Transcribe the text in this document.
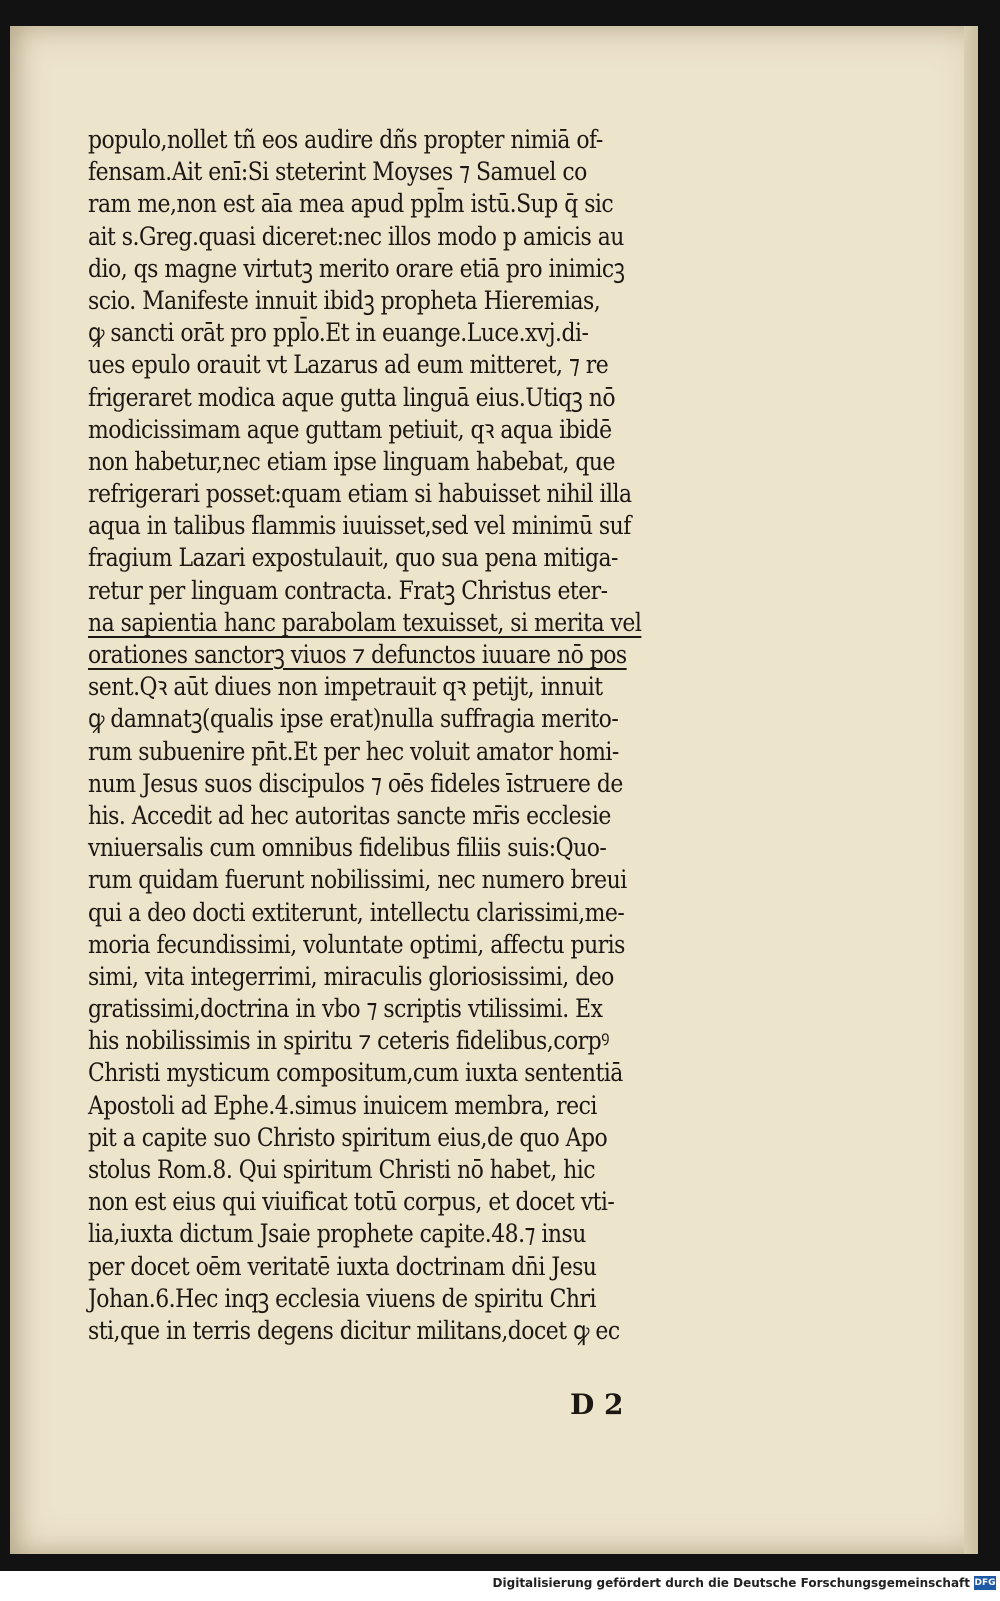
populo,nollet tñ eos audire dñs propter nimiā of-
fensam.Ait enī:Si steterint Moyses ⁊ Samuel co
ram me,non est aīa mea apud ppl̄m istū.Sup q̄ sic
ait s.Greg.quasi diceret:nec illos modo p amicis au
dio, qs magne virtutꝫ merito orare etiā pro inimicꝫ
scio. Manifeste innuit ibidꝫ propheta Hieremias,
ꝙ sancti orāt pro ppl̄o.Et in euange.Luce.xvj.di-
ues epulo orauit vt Lazarus ad eum mitteret, ⁊ re
frigeraret modica aque gutta linguā eius.Utiqꝫ nō
modicissimam aque guttam petiuit, qꝛ aqua ibidē
non habetur,nec etiam ipse linguam habebat, que
refrigerari posset:quam etiam si habuisset nihil illa
aqua in talibus flammis iuuisset,sed vel minimū suf
fragium Lazari expostulauit, quo sua pena mitiga-
retur per linguam contracta. Fratꝫ Christus eter-
na sapientia hanc parabolam texuisset, si merita vel
orationes sanctorꝫ viuos ⁊ defunctos iuuare nō pos
sent.Qꝛ aūt diues non impetrauit qꝛ petijt, innuit
ꝙ damnatꝫ(qualis ipse erat)nulla suffragia merito-
rum subuenire pn̄t.Et per hec voluit amator homi-
num Jesus suos discipulos ⁊ oēs fideles īstruere de
his. Accedit ad hec autoritas sancte mr̄is ecclesie
vniuersalis cum omnibus fidelibus filiis suis:Quo-
rum quidam fuerunt nobilissimi, nec numero breui
qui a deo docti extiterunt, intellectu clarissimi,me-
moria fecundissimi, voluntate optimi, affectu puris
simi, vita integerrimi, miraculis gloriosissimi, deo
gratissimi,doctrina in vbo ⁊ scriptis vtilissimi. Ex
his nobilissimis in spiritu ⁊ ceteris fidelibus,corpꝰ
Christi mysticum compositum,cum iuxta sententiā
Apostoli ad Ephe.4.simus inuicem membra, reci
pit a capite suo Christo spiritum eius,de quo Apo
stolus Rom.8. Qui spiritum Christi nō habet, hic
non est eius qui viuificat totū corpus, et docet vti-
lia,iuxta dictum Jsaie prophete capite.48.⁊ insu
per docet oēm veritatē iuxta doctrinam dn̄i Jesu
Johan.6.Hec inqꝫ ecclesia viuens de spiritu Chri
sti,que in terris degens dicitur militans,docet ꝙ ec
D 2
Digitalisierung gefördert durch die Deutsche Forschungsgemeinschaft DFG
